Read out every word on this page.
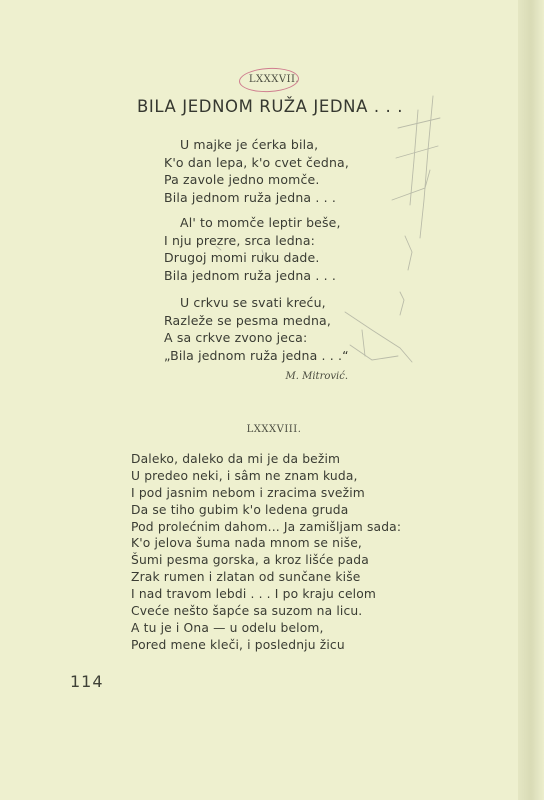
LXXXVII.
BILA JEDNOM RUŽA JEDNA . . .
U majke je ćerka bila,
K'o dan lepa, k'o cvet čedna,
Pa zavole jedno momče.
Bila jednom ruža jedna . . .
Al' to momče leptir beše,
I nju prezre, srca ledna:
Drugoj momi ruku dade.
Bila jednom ruža jedna . . .
U crkvu se svati kreću,
Razleže se pesma medna,
A sa crkve zvono jeca:
„Bila jednom ruža jedna . . .“
M. Mitrović.
LXXXVIII.
Daleko, daleko da mi je da bežim
U predeo neki, i sâm ne znam kuda,
I pod jasnim nebom i zracima svežim
Da se tiho gubim k'o ledena gruda
Pod prolećnim dahom... Ja zamišljam sada:
K'o jelova šuma nada mnom se niše,
Šumi pesma gorska, a kroz lišće pada
Zrak rumen i zlatan od sunčane kiše
I nad travom lebdi . . . I po kraju celom
Cveće nešto šapće sa suzom na licu.
A tu je i Ona — u odelu belom,
Pored mene kleči, i poslednju žicu
114
